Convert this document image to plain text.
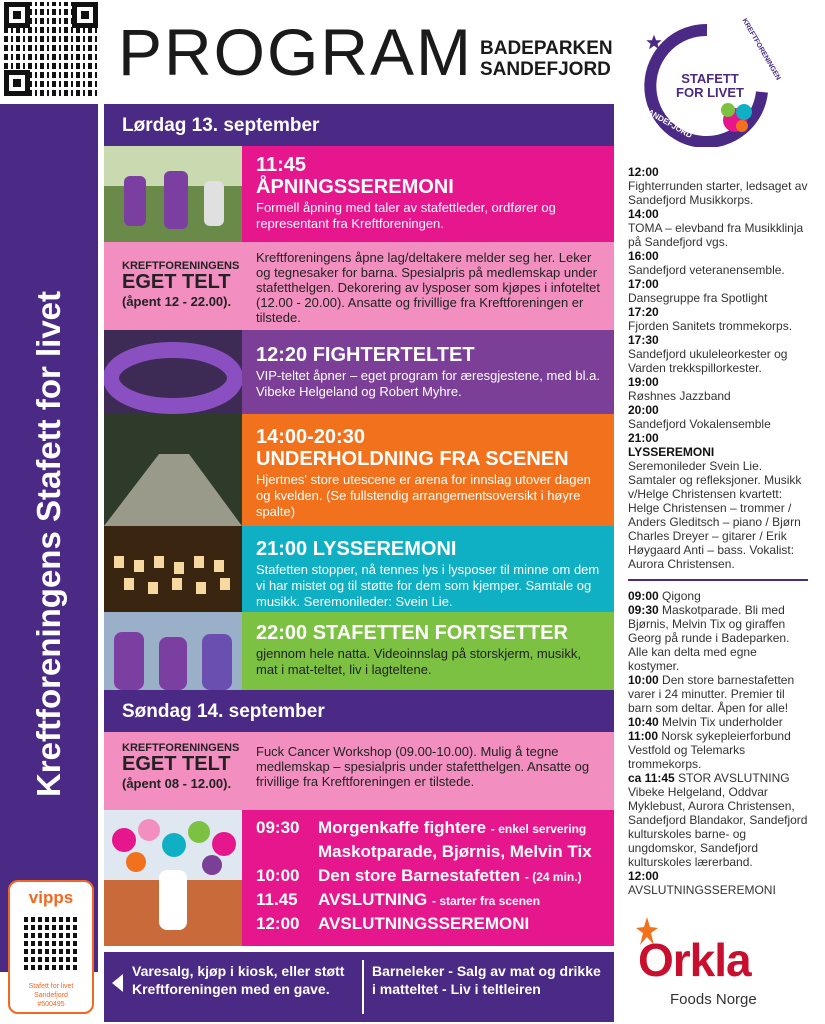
PROGRAM BADEPARKEN
SANDEFJORD	STAFETT
FOR LIVET
SANDEFJORD
KREFTFORENINGEN
Kreftforeningens Stafett for livet
vipps
Stafett for livet Sandefjord
#500495
Lørdag 13. september
11:45
ÅPNINGSSEREMONI

Formell åpning med taler av stafettleder, ordfører og representant fra Kreftforeningen.

KREFTFORENINGENS
EGET TELT
(åpent 12 - 22.00).
Kreftforeningens åpne lag/deltakere melder seg her. Leker og tegnesaker for barna. Spesialpris på medlemskap under stafetthelgen. Dekorering av lysposer som kjøpes i infoteltet (12.00 - 20.00). Ansatte og frivillige fra Kreftforeningen er tilstede.
12:20 FIGHTERTELTET

VIP-teltet åpner – eget program for æresgjestene, med bl.a. Vibeke Helgeland og Robert Myhre.

14:00-20:30
UNDERHOLDNING FRA SCENEN

Hjertnes' store utescene er arena for innslag utover dagen og kvelden. (Se fullstendig arrangementsoversikt i høyre spalte)

21:00 LYSSEREMONI

Stafetten stopper, nå tennes lys i lysposer til minne om dem vi har mistet og til støtte for dem som kjemper. Samtale og musikk. Seremonileder: Svein Lie.

22:00 STAFETTEN FORTSETTER

gjennom hele natta. Videoinnslag på storskjerm, musikk, mat i mat-teltet, liv i lagteltene.

Søndag 14. september
KREFTFORENINGENS
EGET TELT
(åpent 08 - 12.00).
Fuck Cancer Workshop (09.00-10.00). Mulig å tegne medlemskap – spesialpris under stafetthelgen. Ansatte og frivillige fra Kreftforeningen er tilstede.
09:30 Morgenkaffe fightere - enkel servering
Maskotparade, Bjørnis, Melvin Tix
10:00 Den store Barnestafetten - (24 min.)
11.45 AVSLUTNING - starter fra scenen
12:00 AVSLUTNINGSSEREMONI
Varesalg, kjøp i kiosk, eller støtt Kreftforeningen med en gave.
Barneleker - Salg av mat og drikke i matteltet - Liv i teltleiren
12:00
Fighterrunden starter, ledsaget av Sandefjord Musikkorps.
14:00
TOMA – elevband fra Musikklinja på Sandefjord vgs.
16:00
Sandefjord veteranensemble.
17:00
Dansegruppe fra Spotlight
17:20
Fjorden Sanitets trommekorps.
17:30
Sandefjord ukuleleorkester og Varden trekkspillorkester.
19:00
Røshnes Jazzband
20:00
Sandefjord Vokalensemble
21:00

LYSSEREMONI
Seremonileder Svein Lie. Samtaler og refleksjoner. Musikk v/Helge Christensen kvartett: Helge Christensen – trommer / Anders Gleditsch – piano / Bjørn Charles Dreyer – gitarer / Erik Høygaard Anti – bass. Vokalist: Aurora Christensen.
09:00 Qigong
09:30 Maskotparade. Bli med Bjørnis, Melvin Tix og giraffen Georg på runde i Badeparken. Alle kan delta med egne kostymer.
10:00 Den store barnestafetten varer i 24 minutter. Premier til barn som deltar. Åpen for alle!
10:40 Melvin Tix underholder
11:00 Norsk sykepleierforbund Vestfold og Telemarks trommekorps.
ca 11:45 STOR AVSLUTNING
Vibeke Helgeland, Oddvar Myklebust, Aurora Christensen, Sandefjord Blandakor, Sandefjord kulturskoles barne- og ungdomskor, Sandefjord kulturskoles lærerband.
12:00 AVSLUTNINGSSEREMONI
Orkla
Foods Norge
